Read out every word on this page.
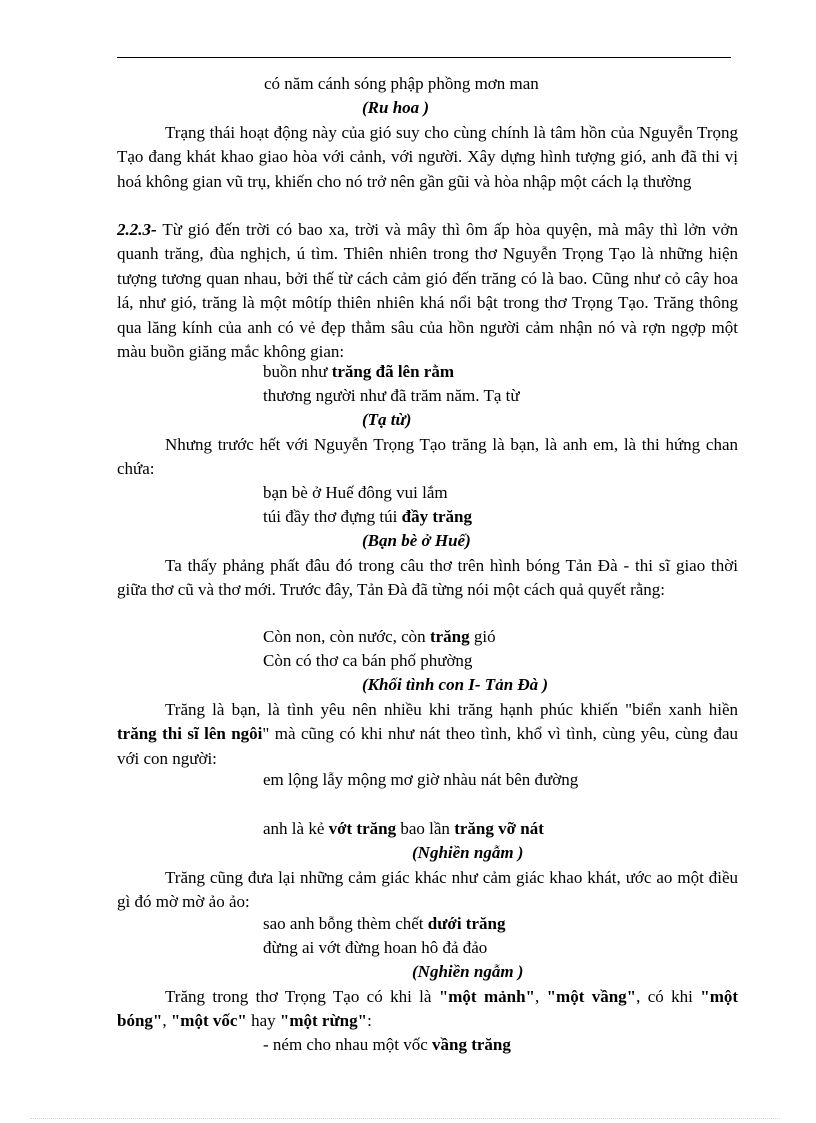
có năm cánh sóng phập phồng mơn man
(Ru hoa )
Trạng thái hoạt động này của gió suy cho cùng chính là tâm hồn của Nguyễn Trọng Tạo đang khát khao giao hòa với cảnh, với người. Xây dựng hình tượng gió, anh đã thi vị hoá không gian vũ trụ, khiến cho nó trở nên gần gũi và hòa nhập một cách lạ thường
2.2.3- Từ gió đến trời có bao xa, trời và mây thì ôm ấp hòa quyện, mà mây thì lởn vởn quanh trăng, đùa nghịch, ú tìm. Thiên nhiên trong thơ Nguyễn Trọng Tạo là những hiện tượng tương quan nhau, bởi thế từ cách cảm gió đến trăng có là bao. Cũng như cỏ cây hoa lá, như gió, trăng là một môtíp thiên nhiên khá nổi bật trong thơ Trọng Tạo. Trăng thông qua lăng kính của anh có vẻ đẹp thẳm sâu của hồn người cảm nhận nó và rợn ngợp một màu buồn giăng mắc không gian:
buồn như trăng đã lên rằm
thương người như đã trăm năm. Tạ từ
(Tạ từ)
Nhưng trước hết với Nguyễn Trọng Tạo trăng là bạn, là anh em, là thi hứng chan chứa:
bạn bè ở Huế đông vui lắm
túi đầy thơ đựng túi đầy trăng
(Bạn bè ở Huế)
Ta thấy phảng phất đâu đó trong câu thơ trên hình bóng Tản Đà - thi sĩ giao thời giữa thơ cũ và thơ mới. Trước đây, Tản Đà đã từng nói một cách quả quyết rằng:
Còn non, còn nước, còn trăng gió
Còn có thơ ca bán phố phường
(Khối tình con I- Tản Đà )
Trăng là bạn, là tình yêu nên nhiều khi trăng hạnh phúc khiến "biển xanh hiền trăng thi sĩ lên ngôi" mà cũng có khi như nát theo tình, khổ vì tình, cùng yêu, cùng đau với con người:
em lộng lẫy mộng mơ giờ nhàu nát bên đường
anh là kẻ vớt trăng bao lần trăng vỡ nát
(Nghiền ngẫm )
Trăng cũng đưa lại những cảm giác khác như cảm giác khao khát, ước ao một điều gì đó mờ mờ ảo ảo:
sao anh bỗng thèm chết dưới trăng
đừng ai vớt đừng hoan hô đả đảo
(Nghiền ngẫm )
Trăng trong thơ Trọng Tạo có khi là "một mảnh", "một vầng", có khi "một bóng", "một vốc" hay "một rừng":
- ném cho nhau một vốc vầng trăng
